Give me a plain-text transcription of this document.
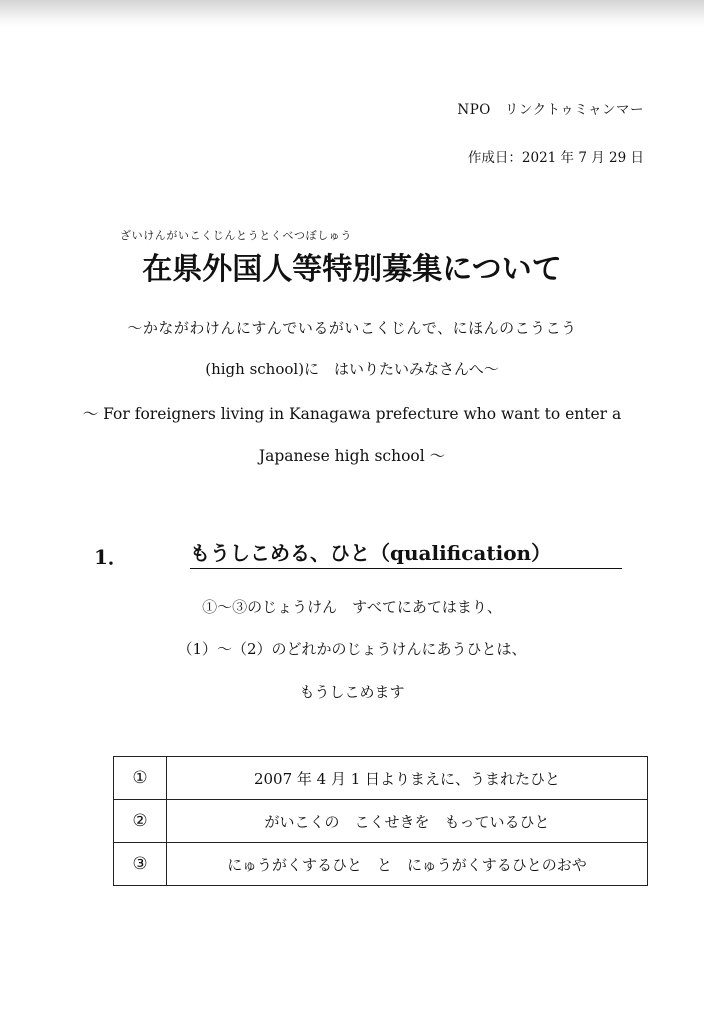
NPO　リンクトゥミャンマー
作成日：2021 年 7 月 29 日
ざいけんがいこくじんとうとくべつぼしゅう
在県外国人等特別募集について
〜かながわけんにすんでいるがいこくじんで、にほんのこうこう
(high school)に　はいりたいみなさんへ〜
〜 For foreigners living in Kanagawa prefecture who want to enter a
Japanese high school 〜
1．	もうしこめる、ひと（qualification）
①〜③のじょうけん　すべてにあてはまり、
（1）〜（2）のどれかのじょうけんにあうひとは、
もうしこめます
①	2007 年 4 月 1 日よりまえに、うまれたひと
②	がいこくの　こくせきを　もっているひと
③	にゅうがくするひと　と　にゅうがくするひとのおや
